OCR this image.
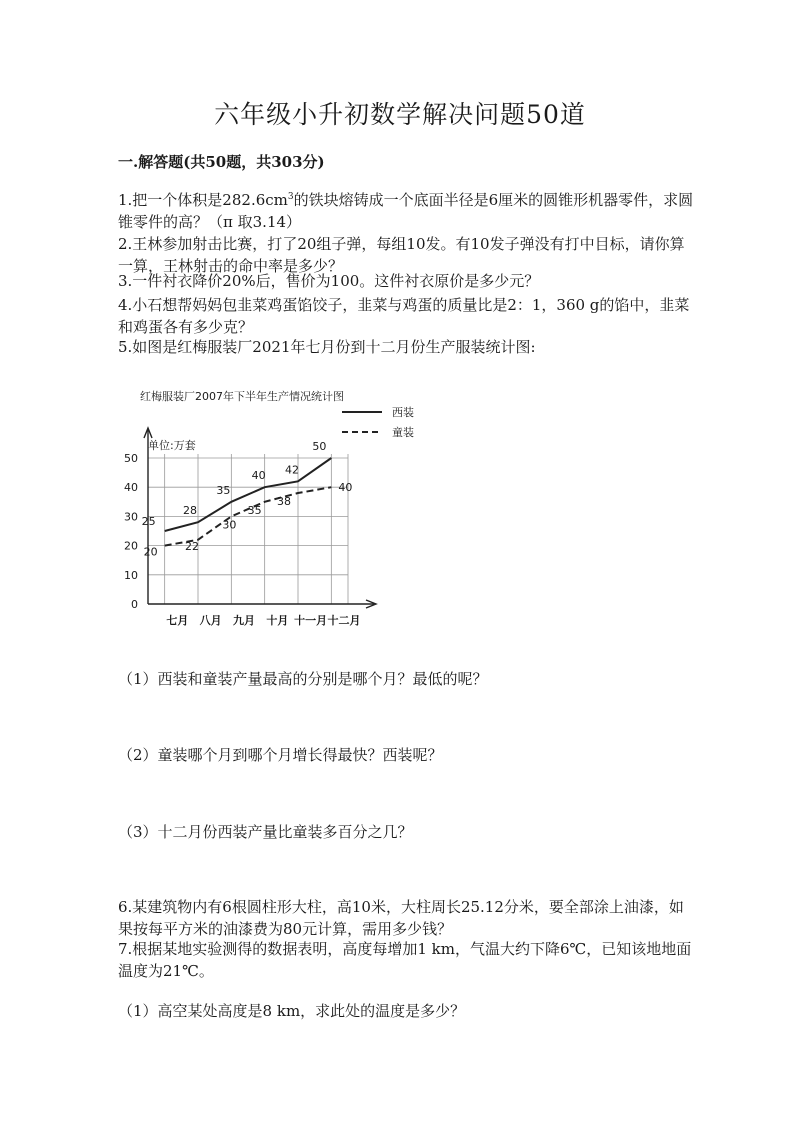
六年级小升初数学解决问题50道
一.解答题(共50题，共303分)
1.把一个体积是$282.6cm^3$的铁块熔铸成一个底面半径是6厘米的圆锥形机器零件，求圆锥零件的高？（π 取3.14）
2.王林参加射击比赛，打了20组子弹，每组10发。有10发子弹没有打中目标，请你算一算，王林射击的命中率是多少？
3.一件衬衣降价20%后，售价为100。这件衬衣原价是多少元？
4.小石想帮妈妈包韭菜鸡蛋馅饺子，韭菜与鸡蛋的质量比是2：1，360 g的馅中，韭菜和鸡蛋各有多少克？
5.如图是红梅服装厂2021年七月份到十二月份生产服装统计图:
红梅服装厂2007年下半年生产情况统计图
单位:万套
西装
童装
0
10
20
30
40
50
七月 八月 九月 十月 十一月 十二月
25
28
35
40 42
50
20 22
30
35
38
40
（1）西装和童装产量最高的分别是哪个月？最低的呢？
（2）童装哪个月到哪个月增长得最快？西装呢？
（3）十二月份西装产量比童装多百分之几？
6.某建筑物内有6根圆柱形大柱，高10米，大柱周长25.12分米，要全部涂上油漆，如果按每平方米的油漆费为80元计算，需用多少钱？
7.根据某地实验测得的数据表明，高度每增加1 km，气温大约下降6℃，已知该地地面温度为21℃。
（1）高空某处高度是8 km，求此处的温度是多少？
